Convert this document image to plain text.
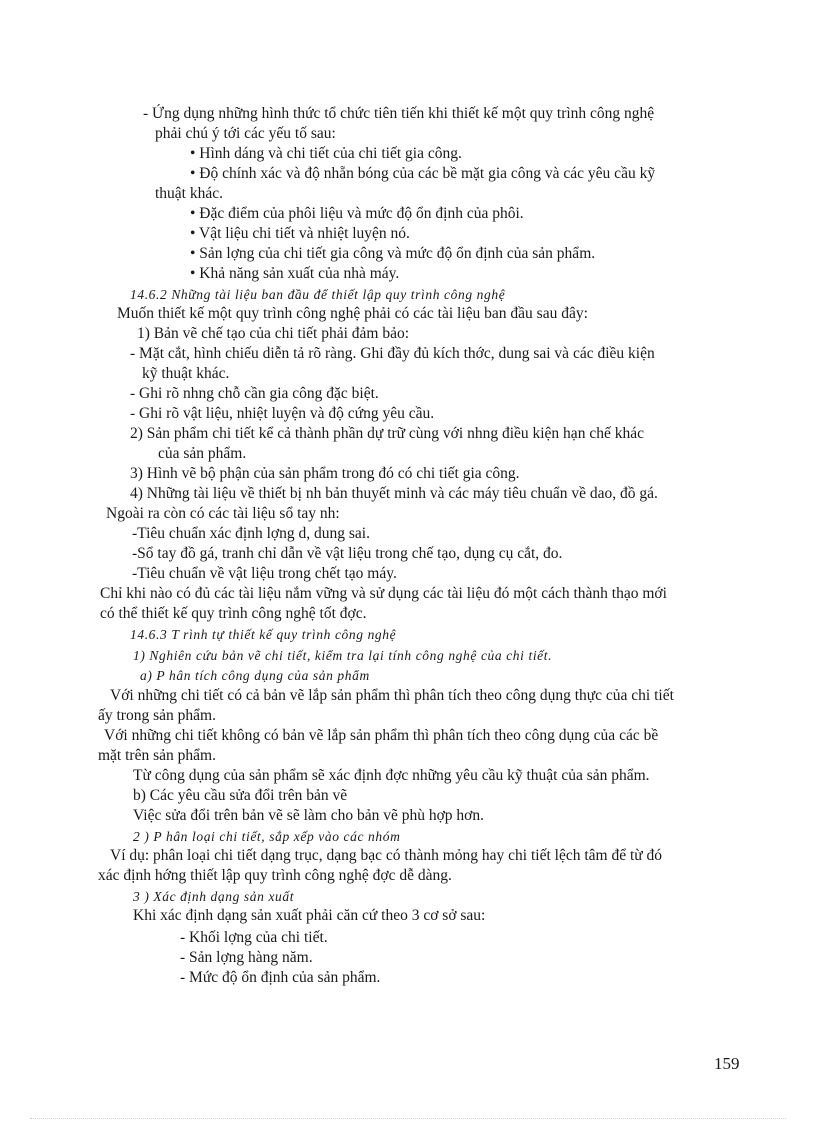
- Ứng dụng những hình thức tổ chức tiên tiến khi thiết kế một quy trình công nghệ
phải chú ý tới các yếu tố sau:
• Hình dáng và chi tiết của chi tiết gia công.
• Độ chính xác và độ nhẵn bóng của các bề mặt gia công và các yêu cầu kỹ
thuật khác.
• Đặc điểm của phôi liệu và mức độ ổn định của phôi.
• Vật liệu chi tiết và nhiệt luyện nó.
• Sản lợng của chi tiết gia công và mức độ ổn định của sản phẩm.
• Khả năng sản xuất của nhà máy.
14.6.2 Những tài liệu ban đầu để thiết lập quy trình công nghệ
Muốn thiết kế một quy trình công nghệ phải có các tài liệu ban đầu sau đây:
1) Bản vẽ chế tạo của chi tiết phải đảm bảo:
- Mặt cắt, hình chiếu diễn tả rõ ràng. Ghi đầy đủ kích thớc, dung sai và các điều kiện
kỹ thuật khác.
- Ghi rõ nhng chỗ cần gia công đặc biệt.
- Ghi rõ vật liệu, nhiệt luyện và độ cứng yêu cầu.
2) Sản phẩm chi tiết kể cả thành phần dự trữ cùng với nhng điều kiện hạn chế khác
của sản phẩm.
3) Hình vẽ bộ phận của sản phẩm trong đó có chi tiết gia công.
4) Những tài liệu về thiết bị nh bản thuyết minh và các máy tiêu chuẩn về dao, đồ gá.
Ngoài ra còn có các tài liệu sổ tay nh:
-Tiêu chuẩn xác định lợng d, dung sai.
-Sổ tay đồ gá, tranh chỉ dẫn về vật liệu trong chế tạo, dụng cụ cắt, đo.
-Tiêu chuẩn về vật liệu trong chết tạo máy.
Chỉ khi nào có đủ các tài liệu nắm vững và sử dụng các tài liệu đó một cách thành thạo mới
có thể thiết kế quy trình công nghệ tốt đợc.
14.6.3 T rình tự thiết kế quy trình công nghệ
1) Nghiên cứu bản vẽ chi tiết, kiểm tra lại tính công nghệ của chi tiết.
a) P hân tích công dụng của sản phẩm
Với những chi tiết có cả bản vẽ lắp sản phẩm thì phân tích theo công dụng thực của chi tiết
ấy trong sản phẩm.
Với những chi tiết không có bản vẽ lắp sản phẩm thì phân tích theo công dụng của các bề
mặt trên sản phẩm.
Từ công dụng của sản phẩm sẽ xác định đợc những yêu cầu kỹ thuật của sản phẩm.
b) Các yêu cầu sửa đổi trên bản vẽ
Việc sửa đổi trên bản vẽ sẽ làm cho bản vẽ phù hợp hơn.
2 ) P hân loại chi tiết, sắp xếp vào các nhóm
Ví dụ: phân loại chi tiết dạng trục, dạng bạc có thành mỏng hay chi tiết lệch tâm để từ đó
xác định hớng thiết lập quy trình công nghệ đợc dễ dàng.
3 ) Xác định dạng sản xuất
Khi xác định dạng sản xuất phải căn cứ theo 3 cơ sở sau:
- Khối lợng của chi tiết.
- Sản lợng hàng năm.
- Mức độ ổn định của sản phẩm.
159
